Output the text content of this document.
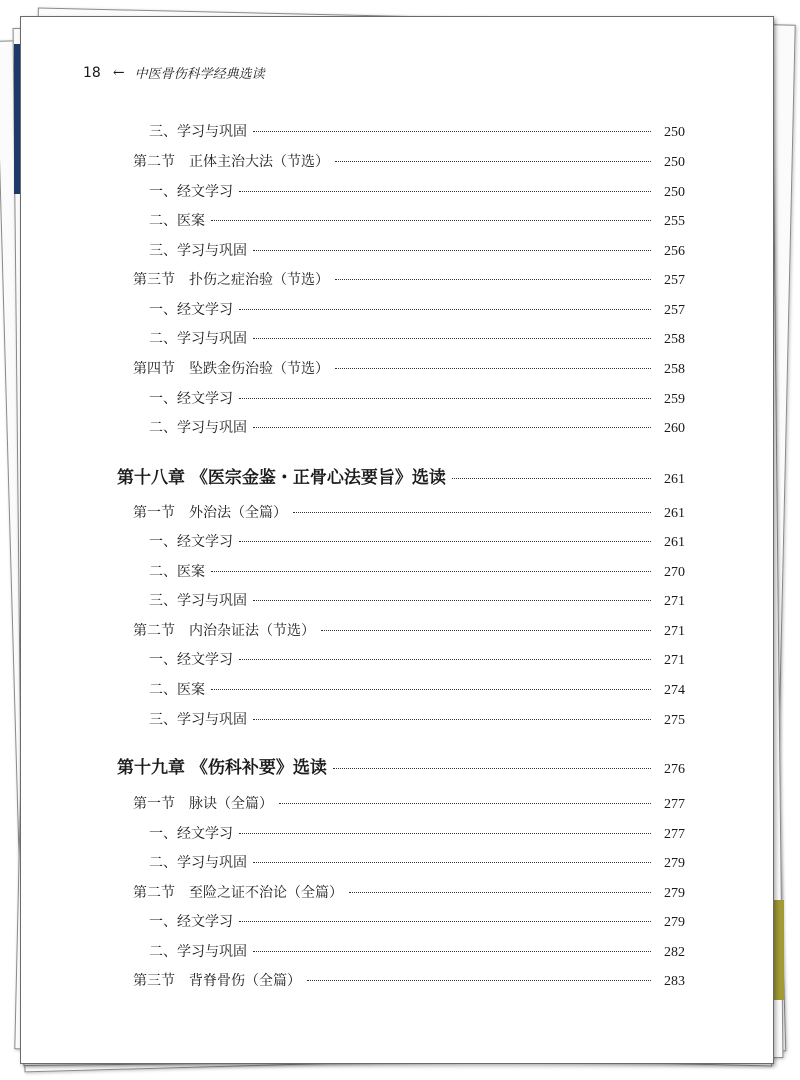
18 ← 中医骨伤科学经典选读
三、学习与巩固	250
第二节　正体主治大法（节选）	250
一、经文学习	250
二、医案	255
三、学习与巩固	256
第三节　扑伤之症治验（节选）	257
一、经文学习	257
二、学习与巩固	258
第四节　坠跌金伤治验（节选）	258
一、经文学习	259
二、学习与巩固	260
第十八章 《医宗金鉴・正骨心法要旨》选读	261
第一节　外治法（全篇）	261
一、经文学习	261
二、医案	270
三、学习与巩固	271
第二节　内治杂证法（节选）	271
一、经文学习	271
二、医案	274
三、学习与巩固	275
第十九章 《伤科补要》选读	276
第一节　脉诀（全篇）	277
一、经文学习	277
二、学习与巩固	279
第二节　至险之证不治论（全篇）	279
一、经文学习	279
二、学习与巩固	282
第三节　背脊骨伤（全篇）	283
